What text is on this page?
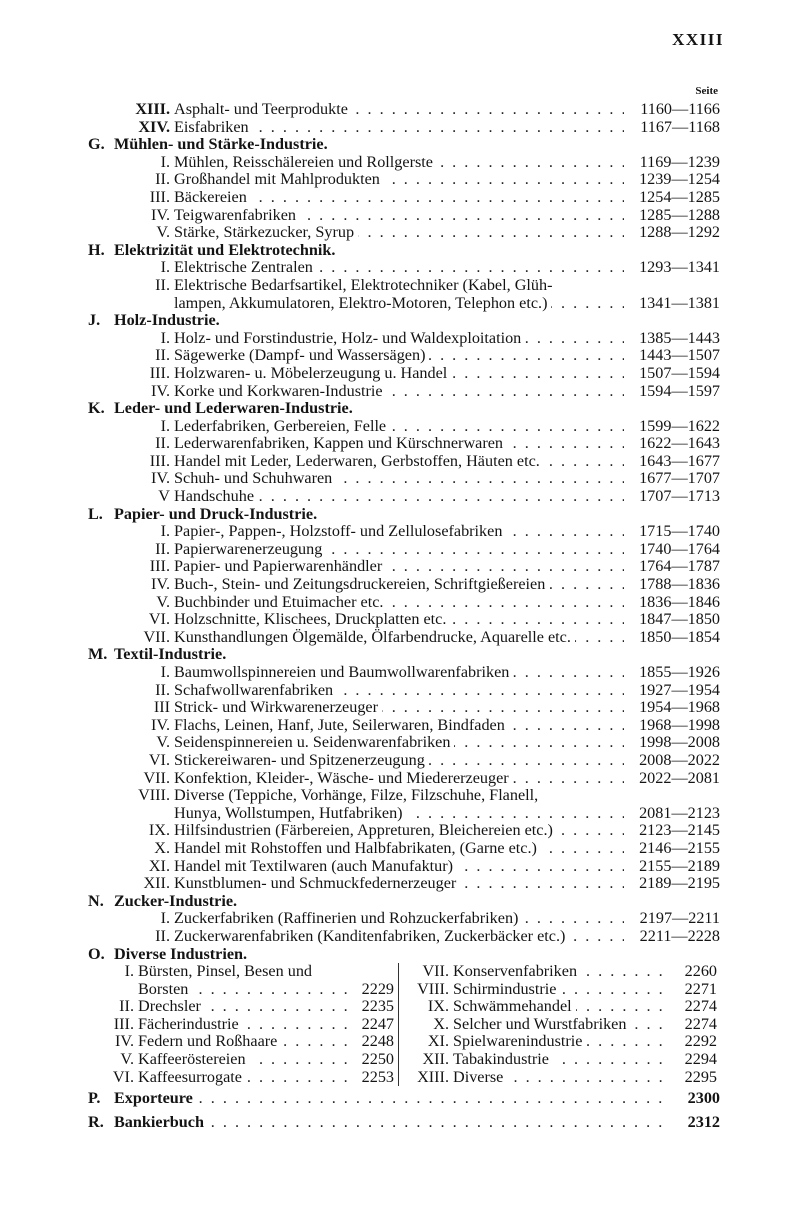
XXIII
Seite
XIII. Asphalt- und Teerprodukte . . .	1160—1166
XIV. Eisfabriken . . .	1167—1168
G. Mühlen- und Stärke-Industrie.
I. Mühlen, Reisschälereien und Rollgerste . . .	1169—1239
II. Großhandel mit Mahlprodukten . . .	1239—1254
III. Bäckereien . . .	1254—1285
IV. Teigwarenfabriken . . .	1285—1288
V. Stärke, Stärkezucker, Syrup . . .	1288—1292
H. Elektrizität und Elektrotechnik.
I. Elektrische Zentralen . . .	1293—1341
II. Elektrische Bedarfsartikel, Elektrotechniker (Kabel, Glüh-
lampen, Akkumulatoren, Elektro-Motoren, Telephon etc.) . . .	1341—1381
J. Holz-Industrie.
I. Holz- und Forstindustrie, Holz- und Waldexploitation . . .	1385—1443
II. Sägewerke (Dampf- und Wassersägen) . . .	1443—1507
III. Holzwaren- u. Möbelerzeugung u. Handel . . .	1507—1594
IV. Korke und Korkwaren-Industrie . . .	1594—1597
K. Leder- und Lederwaren-Industrie.
I. Lederfabriken, Gerbereien, Felle . . .	1599—1622
II. Lederwarenfabriken, Kappen und Kürschnerwaren . . .	1622—1643
III. Handel mit Leder, Lederwaren, Gerbstoffen, Häuten etc. . . .	1643—1677
IV. Schuh- und Schuhwaren . . .	1677—1707
V Handschuhe . . .	1707—1713
L. Papier- und Druck-Industrie.
I. Papier-, Pappen-, Holzstoff- und Zellulosefabriken . . .	1715—1740
II. Papierwarenerzeugung . . .	1740—1764
III. Papier- und Papierwarenhändler . . .	1764—1787
IV. Buch-, Stein- und Zeitungsdruckereien, Schriftgießereien . . .	1788—1836
V. Buchbinder und Etuimacher etc. . . .	1836—1846
VI. Holzschnitte, Klischees, Druckplatten etc. . . .	1847—1850
VII. Kunsthandlungen Ölgemälde, Ölfarbendrucke, Aquarelle etc. . . .	1850—1854
M. Textil-Industrie.
I. Baumwollspinnereien und Baumwollwarenfabriken . . .	1855—1926
II. Schafwollwarenfabriken . . .	1927—1954
III Strick- und Wirkwarenerzeuger . . .	1954—1968
IV. Flachs, Leinen, Hanf, Jute, Seilerwaren, Bindfaden . . .	1968—1998
V. Seidenspinnereien u. Seidenwarenfabriken . . .	1998—2008
VI. Stickereiwaren- und Spitzenerzeugung . . .	2008—2022
VII. Konfektion, Kleider-, Wäsche- und Miedererzeuger . . .	2022—2081
VIII. Diverse (Teppiche, Vorhänge, Filze, Filzschuhe, Flanell,
Hunya, Wollstumpen, Hutfabriken) . . .	2081—2123
IX. Hilfsindustrien (Färbereien, Appreturen, Bleichereien etc.) . . .	2123—2145
X. Handel mit Rohstoffen und Halbfabrikaten, (Garne etc.) . . .	2146—2155
XI. Handel mit Textilwaren (auch Manufaktur) . . .	2155—2189
XII. Kunstblumen- und Schmuckfedernerzeuger . . .	2189—2195
N. Zucker-Industrie.
I. Zuckerfabriken (Raffinerien und Rohzuckerfabriken) . . .	2197—2211
II. Zuckerwarenfabriken (Kanditenfabriken, Zuckerbäcker etc.) . . .	2211—2228
O. Diverse Industrien.
I. Bürsten, Pinsel, Besen und
Borsten . . .	2229
II. Drechsler . . .	2235
III. Fächerindustrie . . .	2247
IV. Federn und Roßhaare . . .	2248
V. Kaffeeröstereien . . .	2250
VI. Kaffeesurrogate . . .	2253
VII. Konservenfabriken . . .	2260
VIII. Schirmindustrie . . .	2271
IX. Schwämmehandel . . .	2274
X. Selcher und Wurstfabriken . . .	2274
XI. Spielwarenindustrie . . .	2292
XII. Tabakindustrie . . .	2294
XIII. Diverse . . .	2295
P. Exporteure . . .	2300
R. Bankierbuch . . .	2312
